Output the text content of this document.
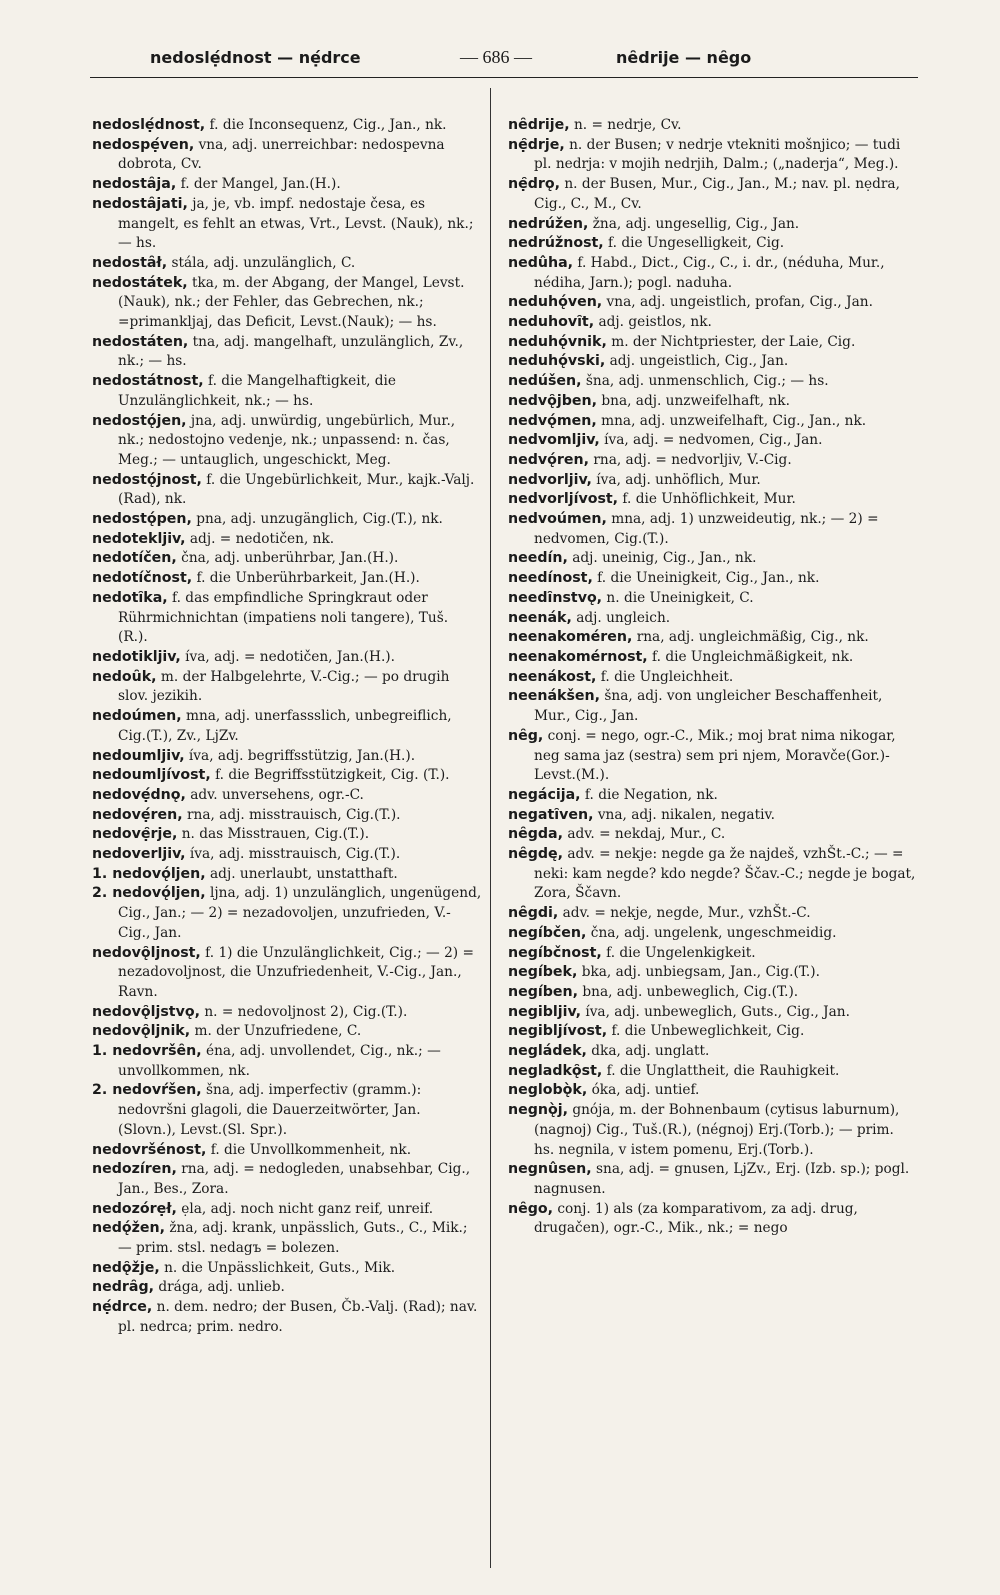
nedoslẹ́dnost — nẹ́drce	— 686 —	nȇdrije — nȇgo

nedoslẹ́dnost, f. die Inconsequenz, Cig., Jan., nk.

nedospẹ́ven, vna, adj. unerreichbar: nedospevna dobrota, Cv.

nedostȃja, f. der Mangel, Jan.(H.).

nedostȃjati, ja, je, vb. impf. nedostaje česa, es mangelt, es fehlt an etwas, Vrt., Levst. (Nauk), nk.; — hs.

nedostȃł, stála, adj. unzulänglich, C.

nedostátek, tka, m. der Abgang, der Mangel, Levst.(Nauk), nk.; der Fehler, das Gebrechen, nk.; =primanklјaj, das Deficit, Levst.(Nauk); — hs.

nedostáten, tna, adj. mangelhaft, unzulänglich, Zv., nk.; — hs.

nedostátnost, f. die Mangelhaftigkeit, die Unzulänglichkeit, nk.; — hs.

nedostǫ́jen, jna, adj. unwürdig, ungebürlich, Mur., nk.; nedostojno vedenje, nk.; unpassend: n. čas, Meg.; — untauglich, ungeschickt, Meg.

nedostǫ́jnost, f. die Ungebürlichkeit, Mur., kajk.-Valj.(Rad), nk.

nedostǫ́pen, pna, adj. unzugänglich, Cig.(T.), nk.

nedoteklјiv, adj. = nedotičen, nk.

nedotíčen, čna, adj. unberührbar, Jan.(H.).

nedotíčnost, f. die Unberührbarkeit, Jan.(H.).

nedotȋka, f. das empfindliche Springkraut oder Rührmichnichtan (impatiens noli tangere), Tuš. (R.).

nedotiklјiv, íva, adj. = nedotičen, Jan.(H.).

nedoȗk, m. der Halbgelehrte, V.-Cig.; — po drugih slov. jezikih.

nedoúmen, mna, adj. unerfassslich, unbegreiflich, Cig.(T.), Zv., LjZv.

nedoumlјiv, íva, adj. begriffsstützig, Jan.(H.).

nedoumlјívost, f. die Begriffsstützigkeit, Cig. (T.).

nedovẹ́dnǫ, adv. unversehens, ogr.-C.

nedovẹ́ren, rna, adj. misstrauisch, Cig.(T.).

nedovẹ̑rje, n. das Misstrauen, Cig.(T.).

nedoverlјiv, íva, adj. misstrauisch, Cig.(T.).

1. nedovǫ́lјen, adj. unerlaubt, unstatthaft.

2. nedovǫ́lјen, lјna, adj. 1) unzulänglich, ungenügend, Cig., Jan.; — 2) = nezadovolјen, unzufrieden, V.-Cig., Jan.

nedovǫ̑lјnost, f. 1) die Unzulänglichkeit, Cig.; — 2) = nezadovolјnost, die Unzufriedenheit, V.-Cig., Jan., Ravn.

nedovǫ̑lјstvǫ, n. = nedovolјnost 2), Cig.(T.).

nedovǫ̑lјnik, m. der Unzufriedene, C.

1. nedovršȇn, éna, adj. unvollendet, Cig., nk.; — unvollkommen, nk.

2. nedovŕšen, šna, adj. imperfectiv (gramm.): nedovršni glagoli, die Dauerzeitwörter, Jan. (Slovn.), Levst.(Sl. Spr.).

nedovršénost, f. die Unvollkommenheit, nk.

nedozíren, rna, adj. = nedogleden, unabsehbar, Cig., Jan., Bes., Zora.

nedozórẹł, ẹla, adj. noch nicht ganz reif, unreif.

nedǫ́žen, žna, adj. krank, unpässlich, Guts., C., Mik.; — prim. stsl. nedagъ = bolezen.

nedǫ̑žje, n. die Unpässlichkeit, Guts., Mik.

nedrȃg, drága, adj. unlieb.

nẹ́drce, n. dem. nedro; der Busen, Čb.-Valj. (Rad); nav. pl. nedrca; prim. nedro.

nȇdrije, n. = nedrje, Cv.

nẹ̑drje, n. der Busen; v nedrje vtekniti mošnjico; — tudi pl. nedrja: v mojih nedrjih, Dalm.; („naderja“, Meg.).

nẹ̑drǫ, n. der Busen, Mur., Cig., Jan., M.; nav. pl. nẹdra, Cig., C., M., Cv.

nedrúžen, žna, adj. ungesellig, Cig., Jan.

nedrúžnost, f. die Ungeselligkeit, Cig.

nedûha, f. Habd., Dict., Cig., C., i. dr., (néduha, Mur., nédiha, Jarn.); pogl. naduha.

neduhǫ́ven, vna, adj. ungeistlich, profan, Cig., Jan.

neduhovȋt, adj. geistlos, nk.

neduhǫ́vnik, m. der Nichtpriester, der Laie, Cig.

neduhǫ́vski, adj. ungeistlich, Cig., Jan.

nedúšen, šna, adj. unmenschlich, Cig.; — hs.

nedvǫ̑jben, bna, adj. unzweifelhaft, nk.

nedvǫ́men, mna, adj. unzweifelhaft, Cig., Jan., nk.

nedvomlјiv, íva, adj. = nedvomen, Cig., Jan.

nedvǫ́ren, rna, adj. = nedvorlјiv, V.-Cig.

nedvorlјiv, íva, adj. unhöflich, Mur.

nedvorlјívost, f. die Unhöflichkeit, Mur.

nedvoúmen, mna, adj. 1) unzweideutig, nk.; — 2) = nedvomen, Cig.(T.).

needín, adj. uneinig, Cig., Jan., nk.

needínost, f. die Uneinigkeit, Cig., Jan., nk.

needȋnstvǫ, n. die Uneinigkeit, C.

neenák, adj. ungleich.

neenakoméren, rna, adj. ungleichmäßig, Cig., nk.

neenakomérnost, f. die Ungleichmäßigkeit, nk.

neenákost, f. die Ungleichheit.

neenákšen, šna, adj. von ungleicher Beschaffenheit, Mur., Cig., Jan.

nȇg, conj. = nego, ogr.-C., Mik.; moj brat nima nikogar, neg sama jaz (sestra) sem pri njem, Moravče(Gor.)-Levst.(M.).

negácija, f. die Negation, nk.

negatȋven, vna, adj. nikalen, negativ.

nȇgda, adv. = nekdaj, Mur., C.

nȇgdę, adv. = nekje: negde ga že najdeš, vzhŠt.-C.; — = neki: kam negde? kdo negde? Ščav.-C.; negde je bogat, Zora, Ščavn.

nȇgdi, adv. = nekje, negde, Mur., vzhŠt.-C.

negíbčen, čna, adj. ungelenk, ungeschmeidig.

negíbčnost, f. die Ungelenkigkeit.

negíbek, bka, adj. unbiegsam, Jan., Cig.(T.).

negíben, bna, adj. unbeweglich, Cig.(T.).

negiblјiv, íva, adj. unbeweglich, Guts., Cig., Jan.

negiblјívost, f. die Unbeweglichkeit, Cig.

negládek, dka, adj. unglatt.

negladkǫ̑st, f. die Unglattheit, die Rauhigkeit.

neglobǫ̀k, óka, adj. untief.

negnǫ̀j, gnója, m. der Bohnenbaum (cytisus laburnum), (nagnoj) Cig., Tuš.(R.), (négnoj) Erj.(Torb.); — prim. hs. negnila, v istem pomenu, Erj.(Torb.).

negnûsen, sna, adj. = gnusen, LjZv., Erj. (Izb. sp.); pogl. nagnusen.

nȇgo, conj. 1) als (za komparativom, za adj. drug, drugačen), ogr.-C., Mik., nk.; = nego
